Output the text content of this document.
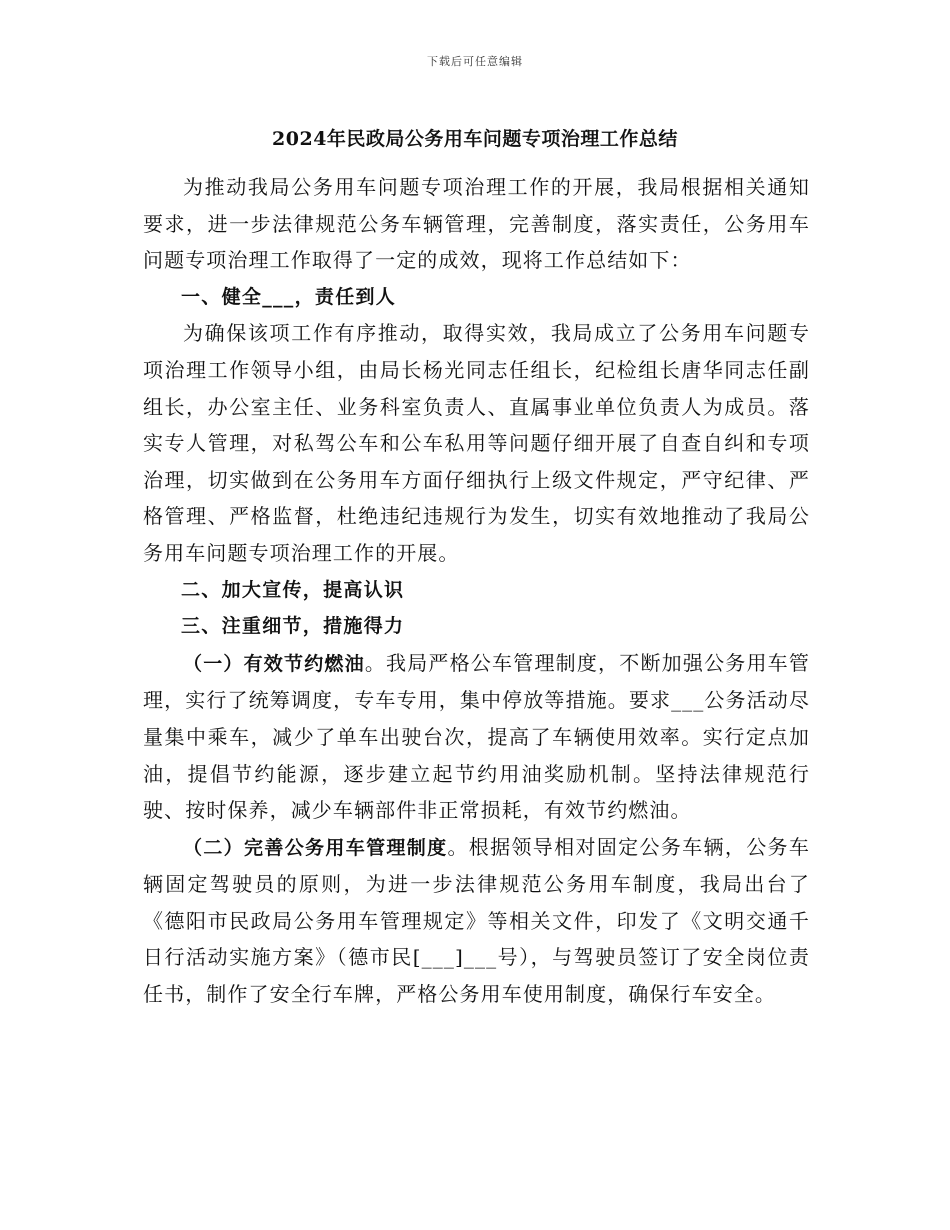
下载后可任意编辑
2024年民政局公务用车问题专项治理工作总结

为推动我局公务用车问题专项治理工作的开展，我局根据相关通知要求，进一步法律规范公务车辆管理，完善制度，落实责任，公务用车问题专项治理工作取得了一定的成效，现将工作总结如下：

一、健全___，责任到人

为确保该项工作有序推动，取得实效，我局成立了公务用车问题专项治理工作领导小组，由局长杨光同志任组长，纪检组长唐华同志任副组长，办公室主任、业务科室负责人、直属事业单位负责人为成员。落实专人管理，对私驾公车和公车私用等问题仔细开展了自查自纠和专项治理，切实做到在公务用车方面仔细执行上级文件规定，严守纪律、严格管理、严格监督，杜绝违纪违规行为发生，切实有效地推动了我局公务用车问题专项治理工作的开展。

二、加大宣传，提高认识

三、注重细节，措施得力

（一）有效节约燃油。我局严格公车管理制度，不断加强公务用车管理，实行了统筹调度，专车专用，集中停放等措施。要求___公务活动尽量集中乘车，减少了单车出驶台次，提高了车辆使用效率。实行定点加油，提倡节约能源，逐步建立起节约用油奖励机制。坚持法律规范行驶、按时保养，减少车辆部件非正常损耗，有效节约燃油。

（二）完善公务用车管理制度。根据领导相对固定公务车辆，公务车辆固定驾驶员的原则，为进一步法律规范公务用车制度，我局出台了《德阳市民政局公务用车管理规定》等相关文件，印发了《文明交通千日行活动实施方案》（德市民[___]___号），与驾驶员签订了安全岗位责任书，制作了安全行车牌，严格公务用车使用制度，确保行车安全。
